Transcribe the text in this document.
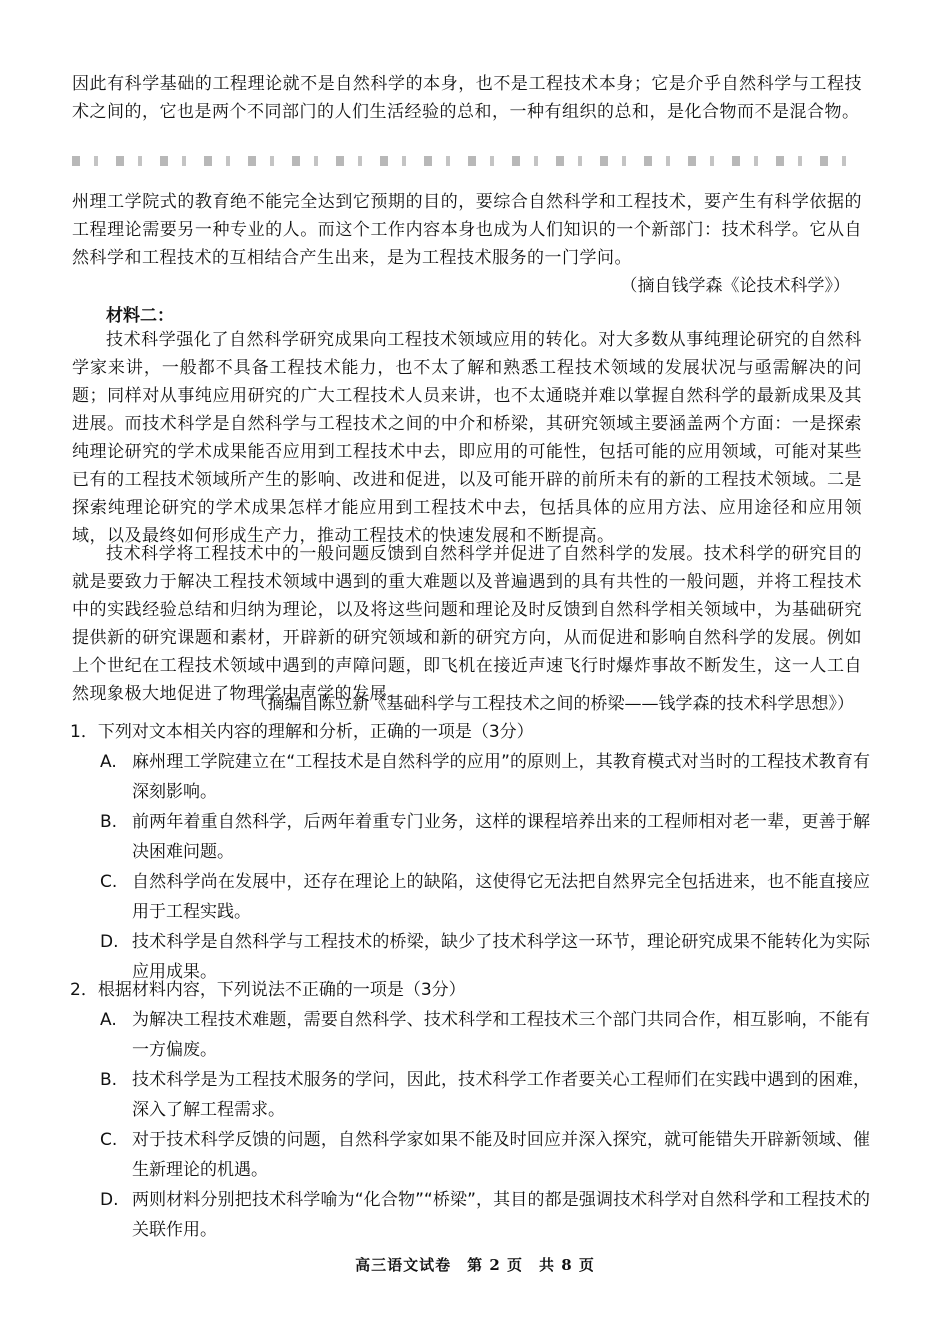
因此有科学基础的工程理论就不是自然科学的本身，也不是工程技术本身；它是介乎自然科学与工程技术之间的，它也是两个不同部门的人们生活经验的总和，一种有组织的总和，是化合物而不是混合物。

州理工学院式的教育绝不能完全达到它预期的目的，要综合自然科学和工程技术，要产生有科学依据的工程理论需要另一种专业的人。而这个工作内容本身也成为人们知识的一个新部门：技术科学。它从自然科学和工程技术的互相结合产生出来，是为工程技术服务的一门学问。

（摘自钱学森《论技术科学》）

材料二：

技术科学强化了自然科学研究成果向工程技术领域应用的转化。对大多数从事纯理论研究的自然科学家来讲，一般都不具备工程技术能力，也不太了解和熟悉工程技术领域的发展状况与亟需解决的问题；同样对从事纯应用研究的广大工程技术人员来讲，也不太通晓并难以掌握自然科学的最新成果及其进展。而技术科学是自然科学与工程技术之间的中介和桥梁，其研究领域主要涵盖两个方面：一是探索纯理论研究的学术成果能否应用到工程技术中去，即应用的可能性，包括可能的应用领域，可能对某些已有的工程技术领域所产生的影响、改进和促进，以及可能开辟的前所未有的新的工程技术领域。二是探索纯理论研究的学术成果怎样才能应用到工程技术中去，包括具体的应用方法、应用途径和应用领域，以及最终如何形成生产力，推动工程技术的快速发展和不断提高。

技术科学将工程技术中的一般问题反馈到自然科学并促进了自然科学的发展。技术科学的研究目的就是要致力于解决工程技术领域中遇到的重大难题以及普遍遇到的具有共性的一般问题，并将工程技术中的实践经验总结和归纳为理论，以及将这些问题和理论及时反馈到自然科学相关领域中，为基础研究提供新的研究课题和素材，开辟新的研究领域和新的研究方向，从而促进和影响自然科学的发展。例如上个世纪在工程技术领域中遇到的声障问题，即飞机在接近声速飞行时爆炸事故不断发生，这一人工自然现象极大地促进了物理学中声学的发展。

（摘编自陈立新《基础科学与工程技术之间的桥梁——钱学森的技术科学思想》）

1．下列对文本相关内容的理解和分析，正确的一项是（3分）

A. 麻州理工学院建立在“工程技术是自然科学的应用”的原则上，其教育模式对当时的工程技术教育有深刻影响。
B. 前两年着重自然科学，后两年着重专门业务，这样的课程培养出来的工程师相对老一辈，更善于解决困难问题。
C. 自然科学尚在发展中，还存在理论上的缺陷，这使得它无法把自然界完全包括进来，也不能直接应用于工程实践。
D. 技术科学是自然科学与工程技术的桥梁，缺少了技术科学这一环节，理论研究成果不能转化为实际应用成果。

2．根据材料内容，下列说法不正确的一项是（3分）

A. 为解决工程技术难题，需要自然科学、技术科学和工程技术三个部门共同合作，相互影响，不能有一方偏废。
B. 技术科学是为工程技术服务的学问，因此，技术科学工作者要关心工程师们在实践中遇到的困难，深入了解工程需求。
C. 对于技术科学反馈的问题，自然科学家如果不能及时回应并深入探究，就可能错失开辟新领域、催生新理论的机遇。
D. 两则材料分别把技术科学喻为“化合物”“桥梁”，其目的都是强调技术科学对自然科学和工程技术的关联作用。
高三语文试卷　第 2 页　共 8 页
